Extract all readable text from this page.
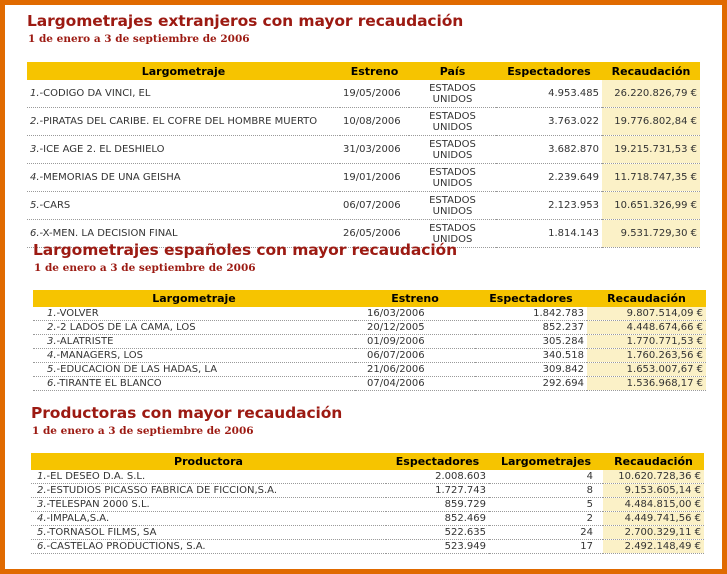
Largometrajes extranjeros con mayor recaudación
1 de enero a 3 de septiembre de 2006
Largometraje	Estreno	País	Espectadores	Recaudación
1.-CODIGO DA VINCI, EL	19/05/2006	ESTADOS UNIDOS	4.953.485	26.220.826,79 €
2.-PIRATAS DEL CARIBE. EL COFRE DEL HOMBRE MUERTO	10/08/2006	ESTADOS UNIDOS	3.763.022	19.776.802,84 €
3.-ICE AGE 2. EL DESHIELO	31/03/2006	ESTADOS UNIDOS	3.682.870	19.215.731,53 €
4.-MEMORIAS DE UNA GEISHA	19/01/2006	ESTADOS UNIDOS	2.239.649	11.718.747,35 €
5.-CARS	06/07/2006	ESTADOS UNIDOS	2.123.953	10.651.326,99 €
6.-X-MEN. LA DECISION FINAL	26/05/2006	ESTADOS UNIDOS	1.814.143	9.531.729,30 €
Largometrajes españoles con mayor recaudación
1 de enero a 3 de septiembre de 2006
Largometraje	Estreno	Espectadores	Recaudación
1.-VOLVER	16/03/2006	1.842.783	9.807.514,09 €
2.-2 LADOS DE LA CAMA, LOS	20/12/2005	852.237	4.448.674,66 €
3.-ALATRISTE	01/09/2006	305.284	1.770.771,53 €
4.-MANAGERS, LOS	06/07/2006	340.518	1.760.263,56 €
5.-EDUCACION DE LAS HADAS, LA	21/06/2006	309.842	1.653.007,67 €
6.-TIRANTE EL BLANCO	07/04/2006	292.694	1.536.968,17 €
Productoras con mayor recaudación
1 de enero a 3 de septiembre de 2006
Productora	Espectadores	Largometrajes	Recaudación
1.-EL DESEO D.A. S.L.	2.008.603	4	10.620.728,36 €
2.-ESTUDIOS PICASSO FABRICA DE FICCION,S.A.	1.727.743	8	9.153.605,14 €
3.-TELESPAN 2000 S.L.	859.729	5	4.484.815,00 €
4.-IMPALA,S.A.	852.469	2	4.449.741,56 €
5.-TORNASOL FILMS, SA	522.635	24	2.700.329,11 €
6.-CASTELAO PRODUCTIONS, S.A.	523.949	17	2.492.148,49 €
